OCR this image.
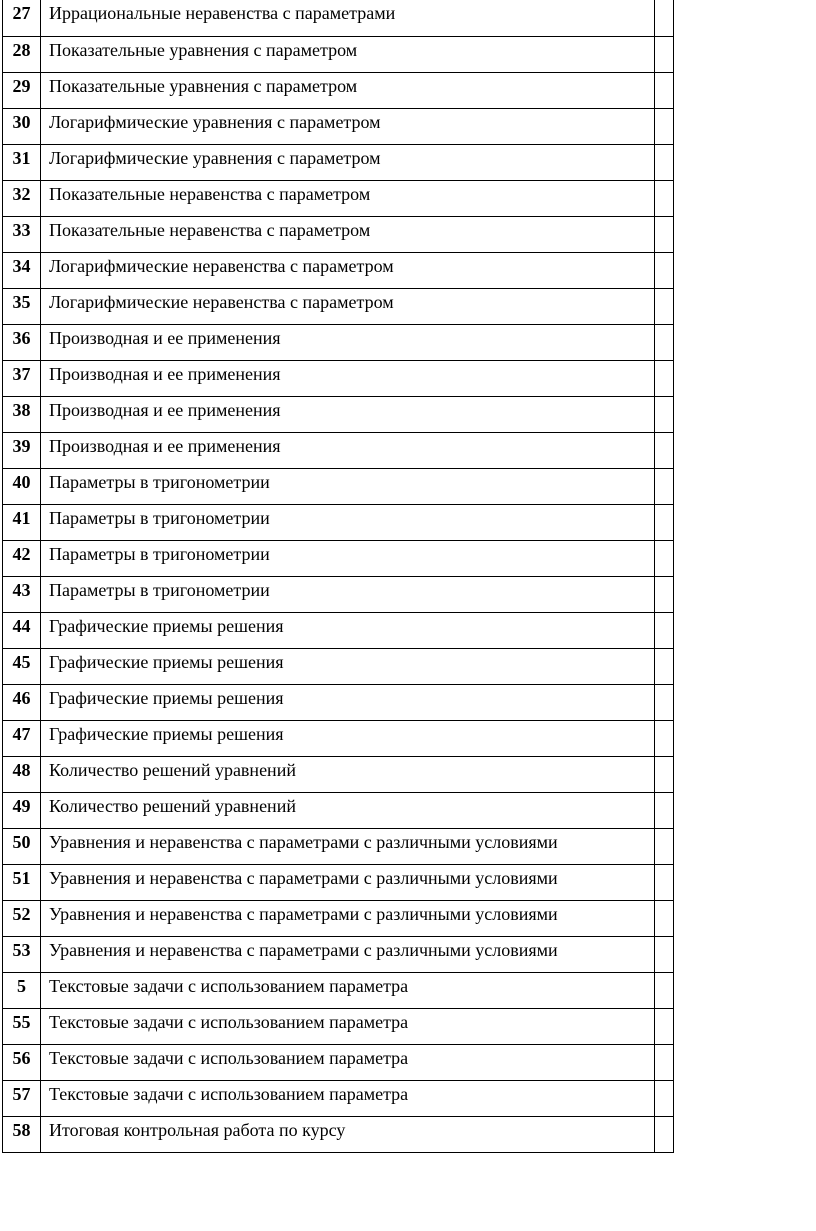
27	Иррациональные неравенства с параметрами	
28	Показательные уравнения с параметром	
29	Показательные уравнения с параметром	
30	Логарифмические уравнения с параметром	
31	Логарифмические уравнения с параметром	
32	Показательные неравенства с параметром	
33	Показательные неравенства с параметром	
34	Логарифмические неравенства с параметром	
35	Логарифмические неравенства с параметром	
36	Производная и ее применения	
37	Производная и ее применения	
38	Производная и ее применения	
39	Производная и ее применения	
40	Параметры в тригонометрии	
41	Параметры в тригонометрии	
42	Параметры в тригонометрии	
43	Параметры в тригонометрии	
44	Графические приемы решения	
45	Графические приемы решения	
46	Графические приемы решения	
47	Графические приемы решения	
48	Количество решений уравнений	
49	Количество решений уравнений	
50	Уравнения и неравенства с параметрами с различными условиями	
51	Уравнения и неравенства с параметрами с различными условиями	
52	Уравнения и неравенства с параметрами с различными условиями	
53	Уравнения и неравенства с параметрами с различными условиями	
5	Текстовые задачи с использованием параметра	
55	Текстовые задачи с использованием параметра	
56	Текстовые задачи с использованием параметра	
57	Текстовые задачи с использованием параметра	
58	Итоговая контрольная работа по курсу	
